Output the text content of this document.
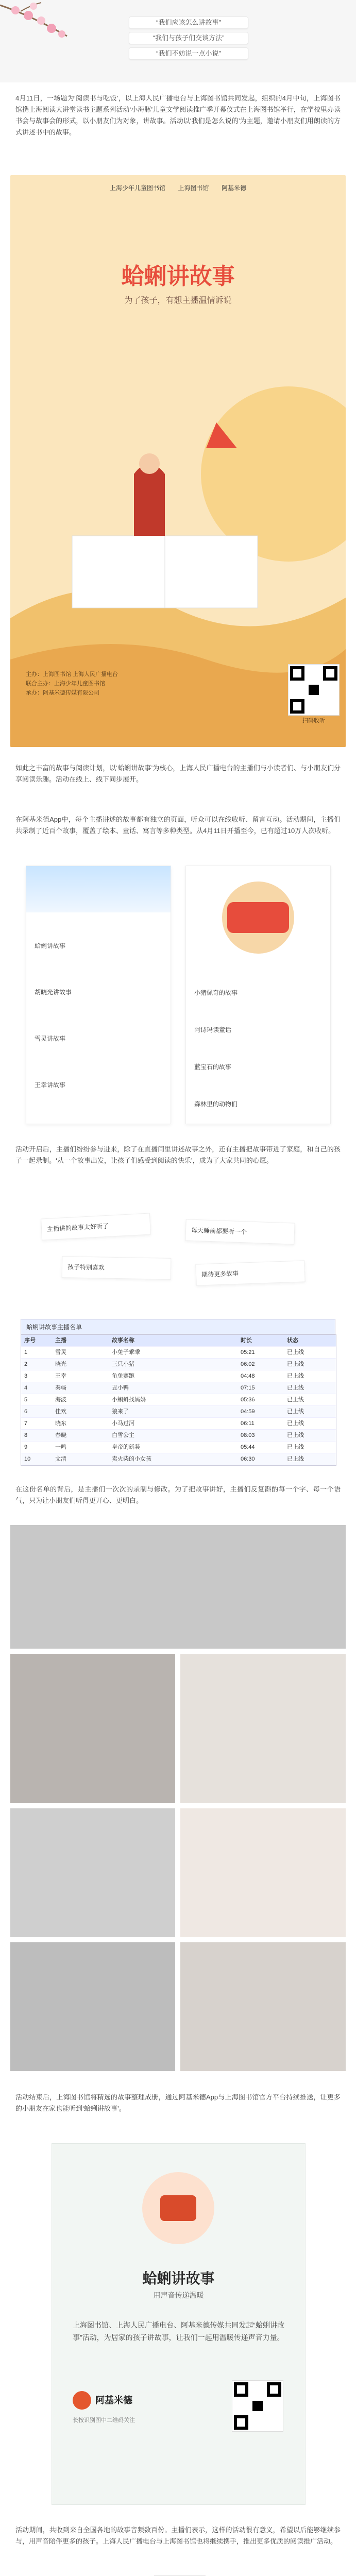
“我们应该怎么讲故事”
“我们与孩子们交谈方法”
“我们不妨说一点小说”
4月11日，一场题为‘阅读书与吃饭’，以上海人民广播电台与上海图书馆共同发起，组织的4月中旬，上海图书馆携上海阅读大讲堂读书主题系列活动‘小海豚’儿童文学阅读推广季开幕仪式在上海图书馆举行，在学校里办读书会与故事会的形式，以小朋友们为对象，讲故事。活动以‘我们是怎么说的’为主题，邀请小朋友们用朗读的方式讲述书中的故事。
上海少年儿童图书馆 上海图书馆 阿基米德
蛤蜊讲故事
为了孩子，有想主播温情诉说
主办：上海图书馆 上海人民广播电台
联合主办：上海少年儿童图书馆
承办：阿基米德传媒有限公司
扫码收听
如此之丰富的故事与阅读计划，以‘蛤蜊讲故事’为核心，上海人民广播电台的主播们与小读者们、与小朋友们分享阅读乐趣。活动在线上、线下同步展开。
在阿基米德App中，每个主播讲述的故事都有独立的页面，听众可以在线收听、留言互动。活动期间，主播们共录制了近百个故事，覆盖了绘本、童话、寓言等多种类型。从4月11日开播至今，已有超过10万人次收听。
蛤蜊讲故事
胡晓光讲故事
雪灵讲故事
王幸讲故事
小猪佩奇的故事
阿诗玛读童话
蓝宝石的故事
森林里的动物们
活动开启后，主播们纷纷参与进来，除了在直播间里讲述故事之外，还有主播把故事带进了家庭，和自己的孩子一起录制。‘从一个故事出发，让孩子们感受到阅读的快乐’，成为了大家共同的心愿。
主播讲的故事太好听了	每天睡前都要听一个
孩子特别喜欢
期待更多故事
蛤蜊讲故事主播名单
序号	主播	故事名称	时长	状态
1	雪灵	小兔子乖乖	05:21	已上线
2	晓光	三只小猪	06:02	已上线
3	王幸	龟兔赛跑	04:48	已上线
4	秦畅	丑小鸭	07:15	已上线
5	海波	小蝌蚪找妈妈	05:36	已上线
6	佳欢	狼来了	04:59	已上线
7	晓东	小马过河	06:11	已上线
8	春晓	白雪公主	08:03	已上线
9	一鸣	皇帝的新装	05:44	已上线
10	文清	卖火柴的小女孩	06:30	已上线
在这份名单的背后，是主播们一次次的录制与修改。为了把故事讲好，主播们反复斟酌每一个字、每一个语气，只为让小朋友们听得更开心、更明白。
活动结束后，上海图书馆将精选的故事整理成册，通过阿基米德App与上海图书馆官方平台持续推送，让更多的小朋友在家也能听到‘蛤蜊讲故事’。
蛤蜊讲故事
用声音传递温暖
上海图书馆、上海人民广播电台、阿基米德传媒共同发起“蛤蜊讲故事”活动，为居家的孩子讲故事，让我们一起用温暖传递声音力量。
阿基米德
长按识别图中二维码关注
活动期间，共收到来自全国各地的故事音频数百份。主播们表示，这样的活动很有意义，希望以后能够继续参与，用声音陪伴更多的孩子。上海人民广播电台与上海图书馆也将继续携手，推出更多优质的阅读推广活动。
